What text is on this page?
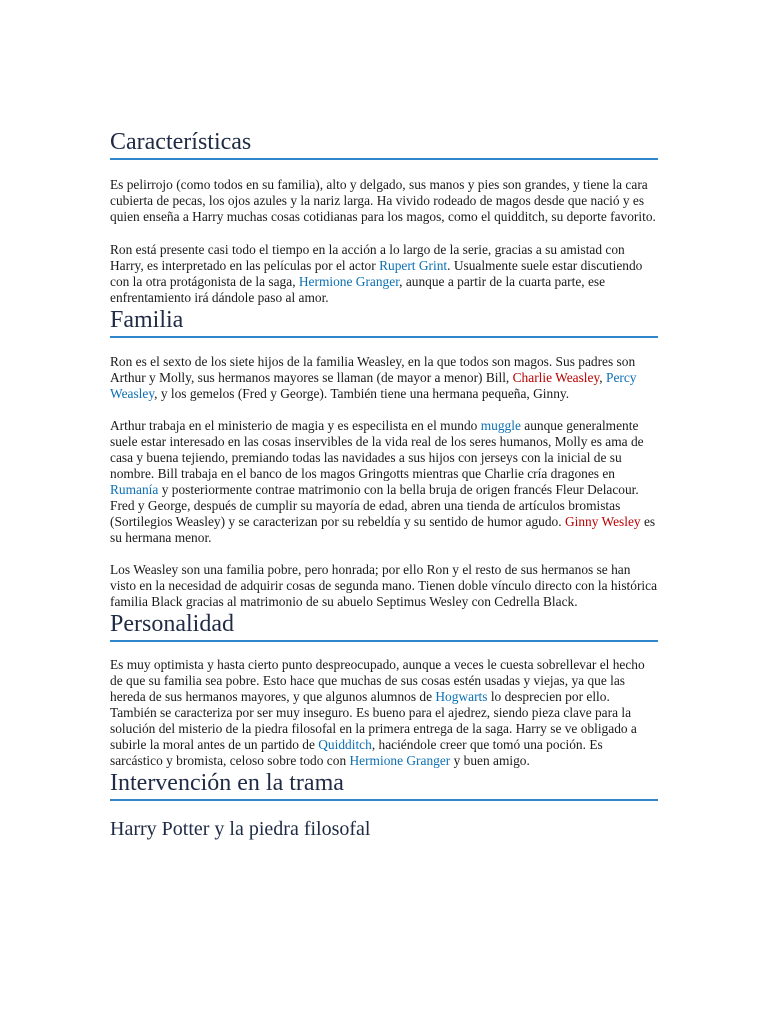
Características

Es pelirrojo (como todos en su familia), alto y delgado, sus manos y pies son grandes, y tiene la cara cubierta de pecas, los ojos azules y la nariz larga. Ha vivido rodeado de magos desde que nació y es quien enseña a Harry muchas cosas cotidianas para los magos, como el quidditch, su deporte favorito.

Ron está presente casi todo el tiempo en la acción a lo largo de la serie, gracias a su amistad con Harry, es interpretado en las películas por el actor Rupert Grint. Usualmente suele estar discutiendo con la otra protágonista de la saga, Hermione Granger, aunque a partir de la cuarta parte, ese enfrentamiento irá dándole paso al amor.

Familia

Ron es el sexto de los siete hijos de la familia Weasley, en la que todos son magos. Sus padres son Arthur y Molly, sus hermanos mayores se llaman (de mayor a menor) Bill, Charlie Weasley, Percy Weasley, y los gemelos (Fred y George). También tiene una hermana pequeña, Ginny.

Arthur trabaja en el ministerio de magia y es especilista en el mundo muggle aunque generalmente suele estar interesado en las cosas inservibles de la vida real de los seres humanos, Molly es ama de casa y buena tejiendo, premiando todas las navidades a sus hijos con jerseys con la inicial de su nombre. Bill trabaja en el banco de los magos Gringotts mientras que Charlie cría dragones en Rumanía y posteriormente contrae matrimonio con la bella bruja de origen francés Fleur Delacour. Fred y George, después de cumplir su mayoría de edad, abren una tienda de artículos bromistas (Sortilegios Weasley) y se caracterizan por su rebeldía y su sentido de humor agudo. Ginny Wesley es su hermana menor.

Los Weasley son una familia pobre, pero honrada; por ello Ron y el resto de sus hermanos se han visto en la necesidad de adquirir cosas de segunda mano. Tienen doble vínculo directo con la histórica familia Black gracias al matrimonio de su abuelo Septimus Wesley con Cedrella Black.

Personalidad

Es muy optimista y hasta cierto punto despreocupado, aunque a veces le cuesta sobrellevar el hecho de que su familia sea pobre. Esto hace que muchas de sus cosas estén usadas y viejas, ya que las hereda de sus hermanos mayores, y que algunos alumnos de Hogwarts lo desprecien por ello. También se caracteriza por ser muy inseguro. Es bueno para el ajedrez, siendo pieza clave para la solución del misterio de la piedra filosofal en la primera entrega de la saga. Harry se ve obligado a subirle la moral antes de un partido de Quidditch, haciéndole creer que tomó una poción. Es sarcástico y bromista, celoso sobre todo con Hermione Granger y buen amigo.

Intervención en la trama
Harry Potter y la piedra filosofal
